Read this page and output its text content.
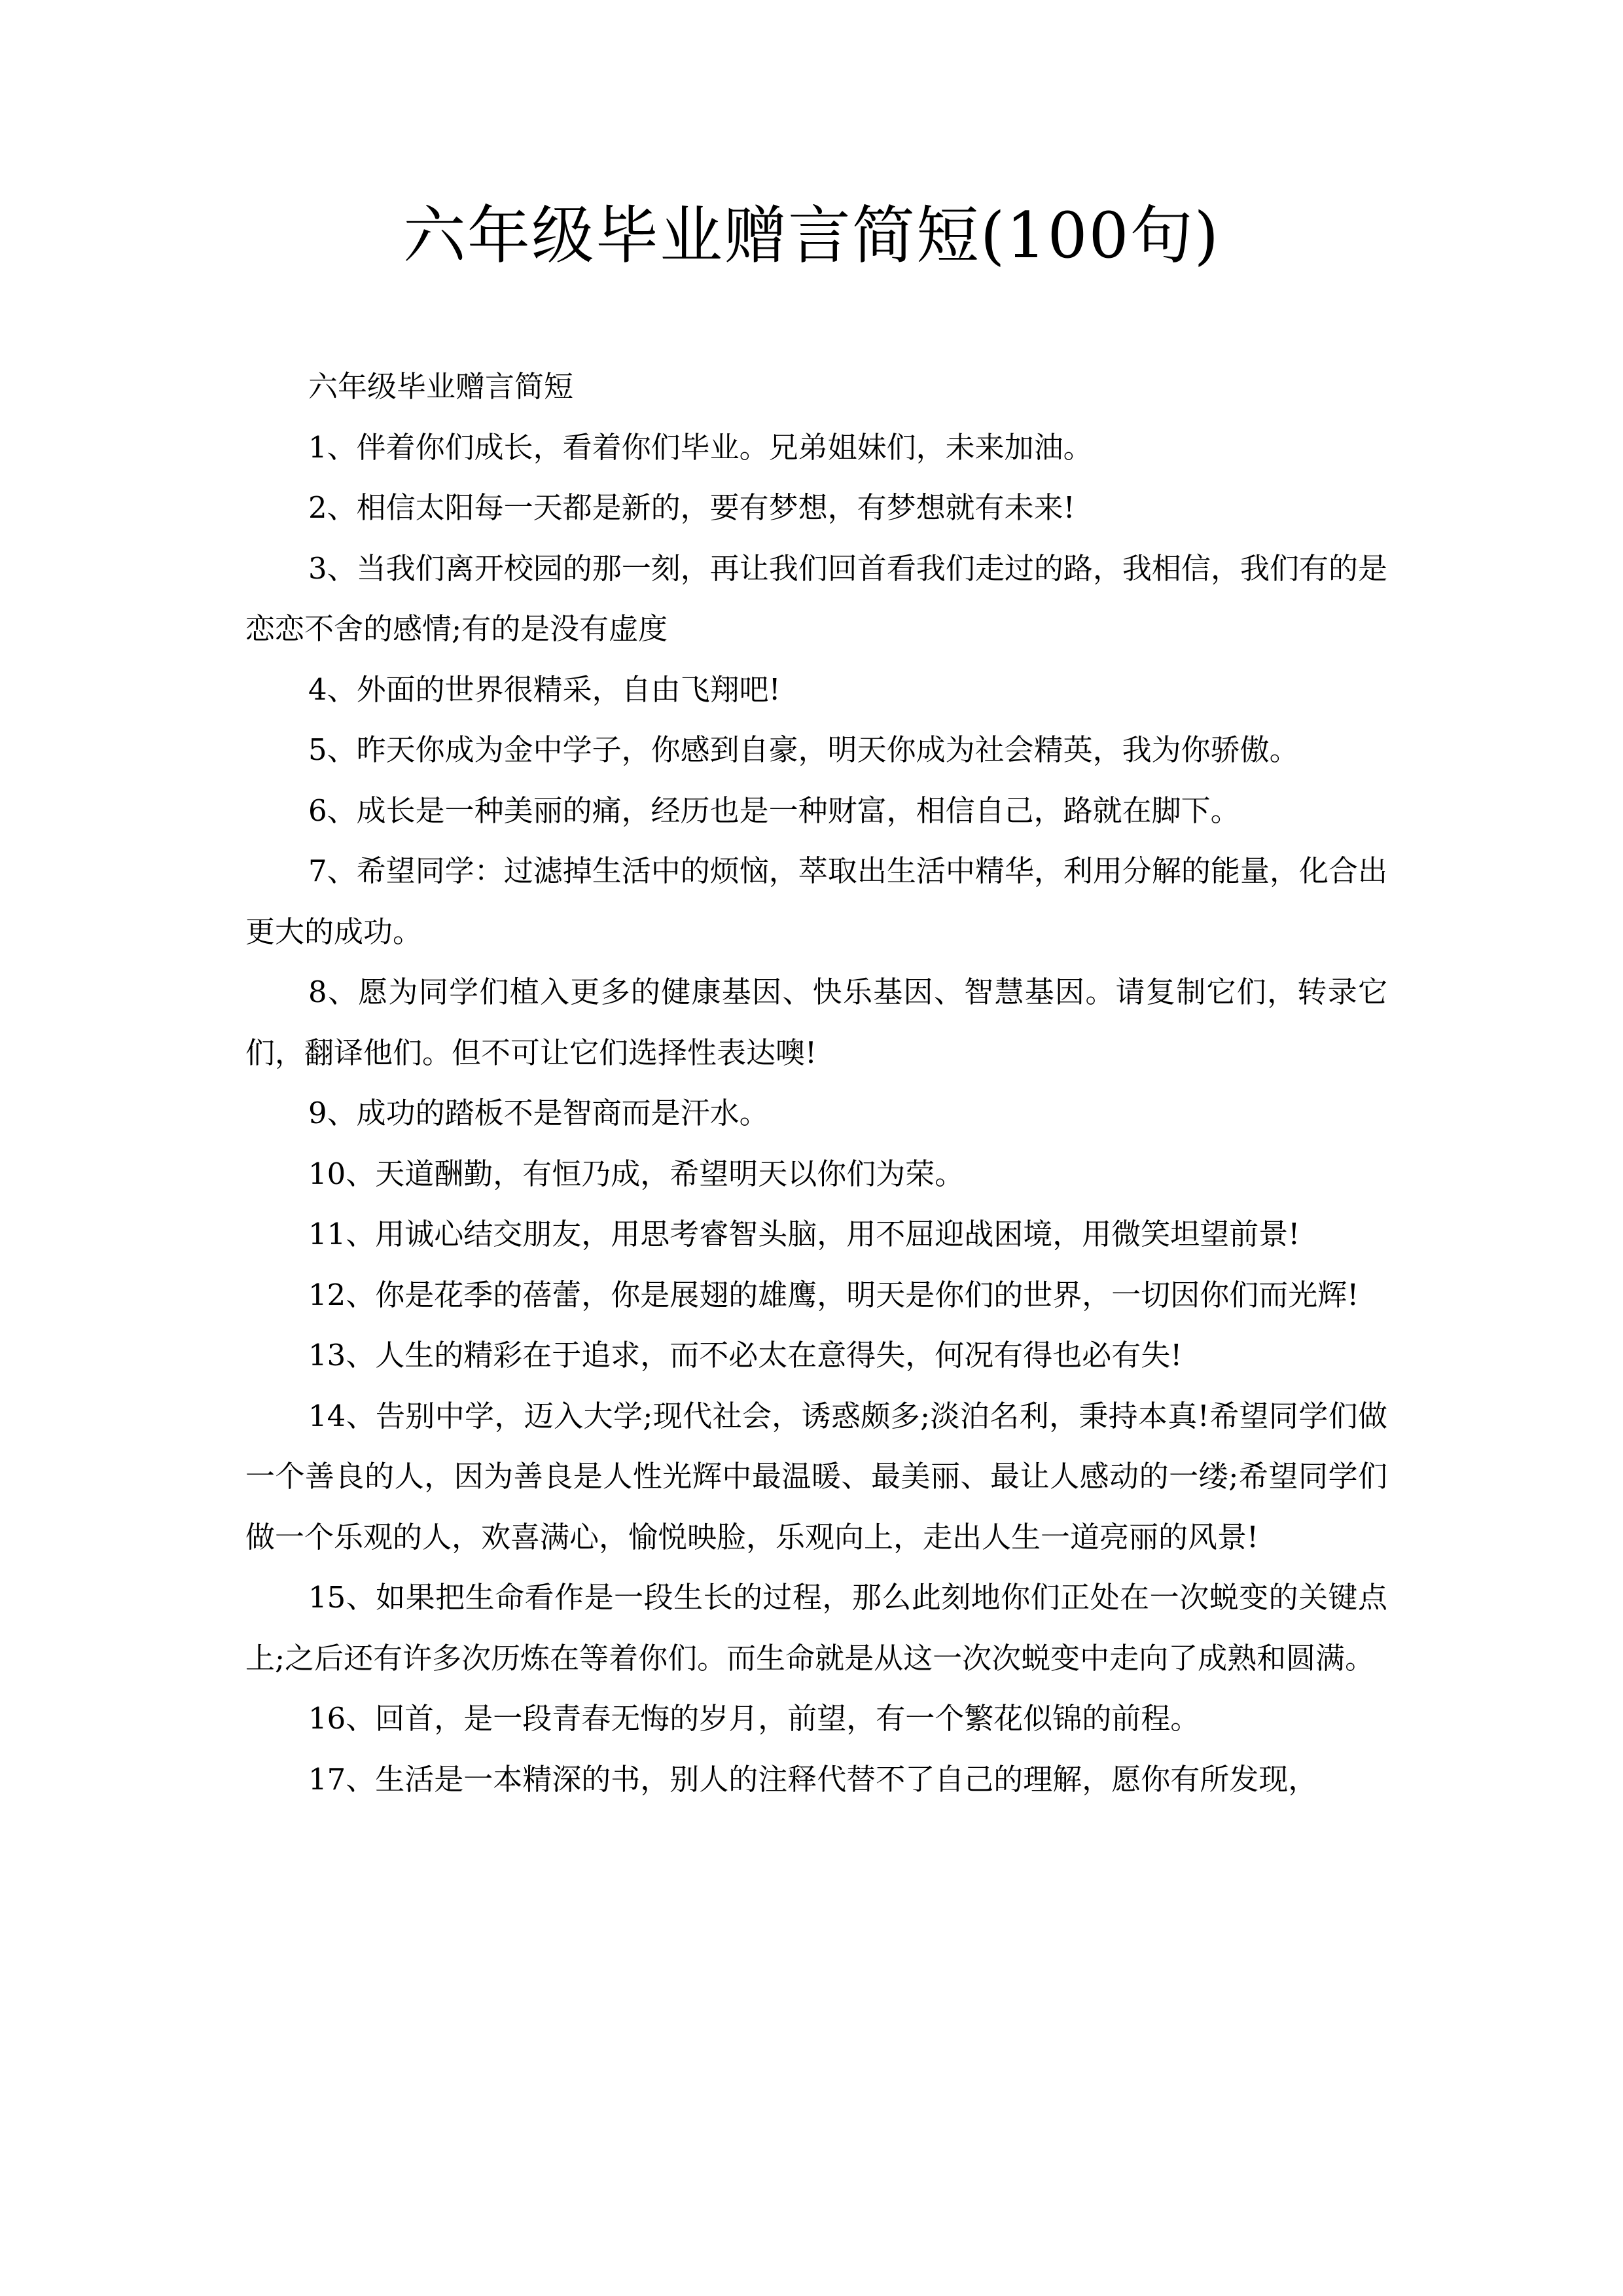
六年级毕业赠言简短(100句)

六年级毕业赠言简短

1、伴着你们成长，看着你们毕业。兄弟姐妹们，未来加油。

2、相信太阳每一天都是新的，要有梦想，有梦想就有未来!

3、当我们离开校园的那一刻，再让我们回首看我们走过的路，我相信，我们有的是恋恋不舍的感情;有的是没有虚度

4、外面的世界很精采，自由飞翔吧!

5、昨天你成为金中学子，你感到自豪，明天你成为社会精英，我为你骄傲。

6、成长是一种美丽的痛，经历也是一种财富，相信自己，路就在脚下。

7、希望同学：过滤掉生活中的烦恼，萃取出生活中精华，利用分解的能量，化合出更大的成功。

8、愿为同学们植入更多的健康基因、快乐基因、智慧基因。请复制它们，转录它们，翻译他们。但不可让它们选择性表达噢!

9、成功的踏板不是智商而是汗水。

10、天道酬勤，有恒乃成，希望明天以你们为荣。

11、用诚心结交朋友，用思考睿智头脑，用不屈迎战困境，用微笑坦望前景!

12、你是花季的蓓蕾，你是展翅的雄鹰，明天是你们的世界，一切因你们而光辉!

13、人生的精彩在于追求，而不必太在意得失，何况有得也必有失!

14、告别中学，迈入大学;现代社会，诱惑颇多;淡泊名利，秉持本真!希望同学们做一个善良的人，因为善良是人性光辉中最温暖、最美丽、最让人感动的一缕;希望同学们做一个乐观的人，欢喜满心，愉悦映脸，乐观向上，走出人生一道亮丽的风景!

15、如果把生命看作是一段生长的过程，那么此刻地你们正处在一次蜕变的关键点上;之后还有许多次历炼在等着你们。而生命就是从这一次次蜕变中走向了成熟和圆满。

16、回首，是一段青春无悔的岁月，前望，有一个繁花似锦的前程。

17、生活是一本精深的书，别人的注释代替不了自己的理解，愿你有所发现，
